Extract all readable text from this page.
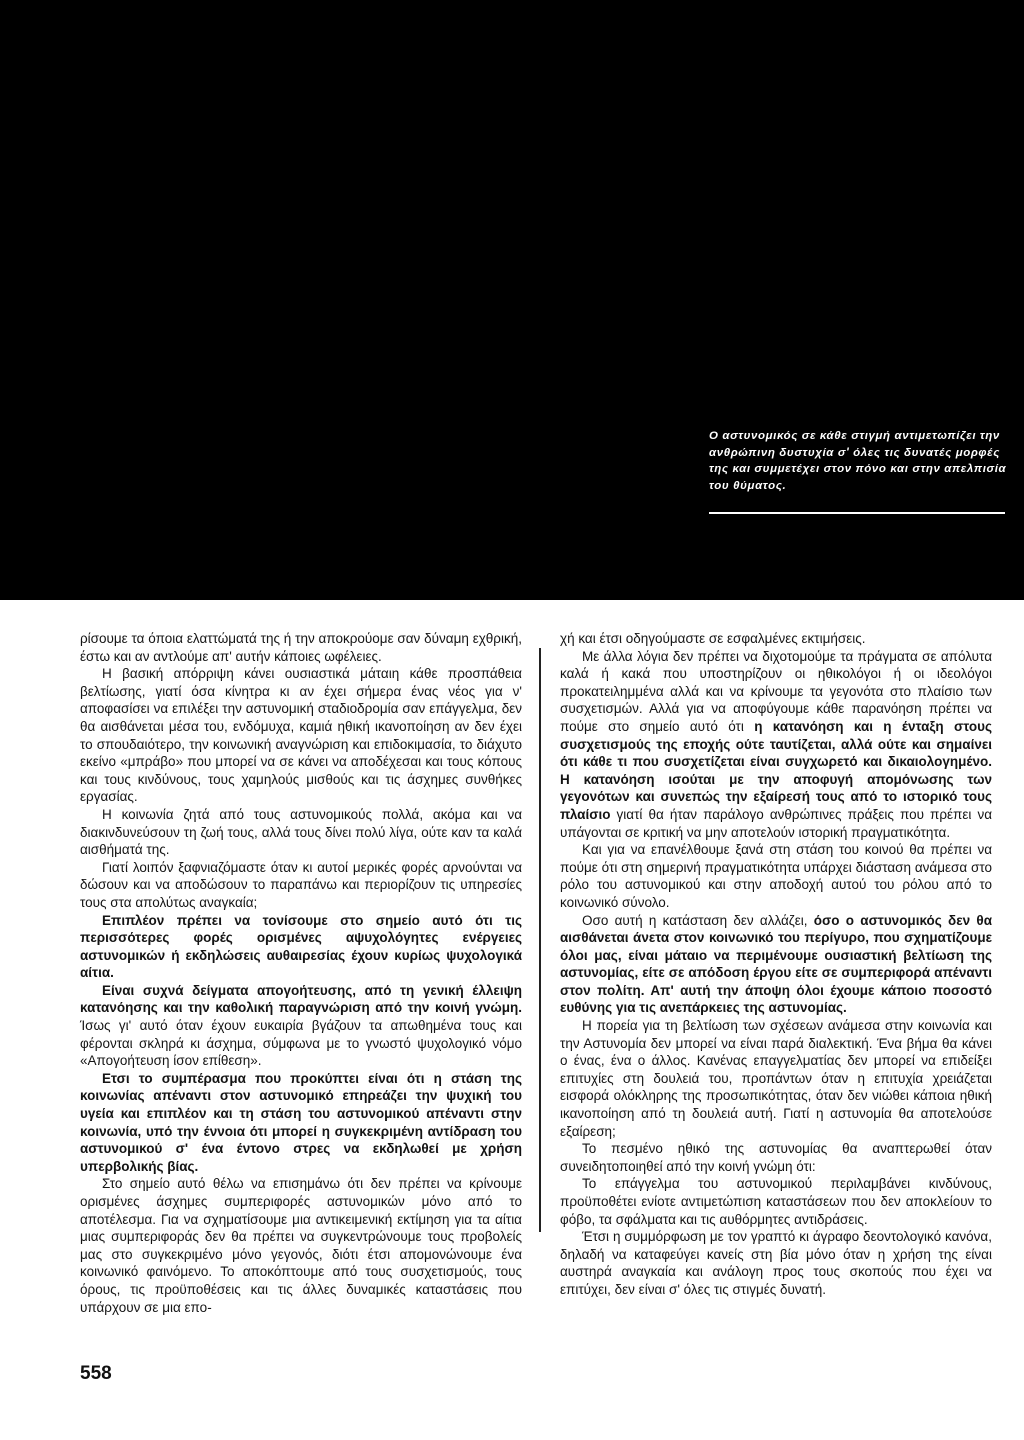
Ο αστυνομικός σε κάθε στιγμή αντιμετωπίζει την ανθρώπινη δυστυχία σ' όλες τις δυνατές μορφές της και συμμετέχει στον πόνο και στην απελπισία του θύματος.

ρίσουμε τα όποια ελαττώματά της ή την αποκρούομε σαν δύναμη εχθρική, έστω και αν αντλούμε απ' αυτήν κάποιες ωφέλειες.

Η βασική απόρριψη κάνει ουσιαστικά μάταιη κάθε προσπάθεια βελτίωσης, γιατί όσα κίνητρα κι αν έχει σήμερα ένας νέος για ν' αποφασίσει να επιλέξει την αστυνομική σταδιοδρομία σαν επάγγελμα, δεν θα αισθάνεται μέσα του, ενδόμυχα, καμιά ηθική ικανοποίηση αν δεν έχει το σπουδαιότερο, την κοινωνική αναγνώριση και επιδοκιμασία, το διάχυτο εκείνο «μπράβο» που μπορεί να σε κάνει να αποδέχεσαι και τους κόπους και τους κινδύνους, τους χαμηλούς μισθούς και τις άσχημες συνθήκες εργασίας.

Η κοινωνία ζητά από τους αστυνομικούς πολλά, ακόμα και να διακινδυνεύσουν τη ζωή τους, αλλά τους δίνει πολύ λίγα, ούτε καν τα καλά αισθήματά της.

Γιατί λοιπόν ξαφνιαζόμαστε όταν κι αυτοί μερικές φορές αρνούνται να δώσουν και να αποδώσουν το παραπάνω και περιορίζουν τις υπηρεσίες τους στα απολύτως αναγκαία;

Επιπλέον πρέπει να τονίσουμε στο σημείο αυτό ότι τις περισσότερες φορές ορισμένες αψυχολόγητες ενέργειες αστυνομικών ή εκδηλώσεις αυθαιρεσίας έχουν κυρίως ψυχολογικά αίτια.

Είναι συχνά δείγματα απογοήτευσης, από τη γενική έλλειψη κατανόησης και την καθολική παραγνώριση από την κοινή γνώμη. Ίσως γι' αυτό όταν έχουν ευκαιρία βγάζουν τα απωθημένα τους και φέρονται σκληρά κι άσχημα, σύμφωνα με το γνωστό ψυχολογικό νόμο «Απογοήτευση ίσον επίθεση».

Ετσι το συμπέρασμα που προκύπτει είναι ότι η στάση της κοινωνίας απέναντι στον αστυνομικό επηρεάζει την ψυχική του υγεία και επιπλέον και τη στάση του αστυνομικού απέναντι στην κοινωνία, υπό την έννοια ότι μπορεί η συγκεκριμένη αντίδραση του αστυνομικού σ' ένα έντονο στρες να εκδηλωθεί με χρήση υπερβολικής βίας.

Στο σημείο αυτό θέλω να επισημάνω ότι δεν πρέπει να κρίνουμε ορισμένες άσχημες συμπεριφορές αστυνομικών μόνο από το αποτέλεσμα. Για να σχηματίσουμε μια αντικειμενική εκτίμηση για τα αίτια μιας συμπεριφοράς δεν θα πρέπει να συγκεντρώνουμε τους προβολείς μας στο συγκεκριμένο μόνο γεγονός, διότι έτσι απομονώνουμε ένα κοινωνικό φαινόμενο. Το αποκόπτουμε από τους συσχετισμούς, τους όρους, τις προϋποθέσεις και τις άλλες δυναμικές καταστάσεις που υπάρχουν σε μια επο-

χή και έτσι οδηγούμαστε σε εσφαλμένες εκτιμήσεις.

Με άλλα λόγια δεν πρέπει να διχοτομούμε τα πράγματα σε απόλυτα καλά ή κακά που υποστηρίζουν οι ηθικολόγοι ή οι ιδεολόγοι προκατειλημμένα αλλά και να κρίνουμε τα γεγονότα στο πλαίσιο των συσχετισμών. Αλλά για να αποφύγουμε κάθε παρανόηση πρέπει να πούμε στο σημείο αυτό ότι η κατανόηση και η ένταξη στους συσχετισμούς της εποχής ούτε ταυτίζεται, αλλά ούτε και σημαίνει ότι κάθε τι που συσχετίζεται είναι συγχωρετό και δικαιολογημένο. Η κατανόηση ισούται με την αποφυγή απομόνωσης των γεγονότων και συνεπώς την εξαίρεσή τους από το ιστορικό τους πλαίσιο γιατί θα ήταν παράλογο ανθρώπινες πράξεις που πρέπει να υπάγονται σε κριτική να μην αποτελούν ιστορική πραγματικότητα.

Και για να επανέλθουμε ξανά στη στάση του κοινού θα πρέπει να πούμε ότι στη σημερινή πραγματικότητα υπάρχει διάσταση ανάμεσα στο ρόλο του αστυνομικού και στην αποδοχή αυτού του ρόλου από το κοινωνικό σύνολο.

Οσο αυτή η κατάσταση δεν αλλάζει, όσο ο αστυνομικός δεν θα αισθάνεται άνετα στον κοινωνικό του περίγυρο, που σχηματίζουμε όλοι μας, είναι μάταιο να περιμένουμε ουσιαστική βελτίωση της αστυνομίας, είτε σε απόδοση έργου είτε σε συμπεριφορά απέναντι στον πολίτη. Απ' αυτή την άποψη όλοι έχουμε κάποιο ποσοστό ευθύνης για τις ανεπάρκειες της αστυνομίας.

Η πορεία για τη βελτίωση των σχέσεων ανάμεσα στην κοινωνία και την Αστυνομία δεν μπορεί να είναι παρά διαλεκτική. Ένα βήμα θα κάνει ο ένας, ένα ο άλλος. Κανένας επαγγελματίας δεν μπορεί να επιδείξει επιτυχίες στη δουλειά του, προπάντων όταν η επιτυχία χρειάζεται εισφορά ολόκληρης της προσωπικότητας, όταν δεν νιώθει κάποια ηθική ικανοποίηση από τη δουλειά αυτή. Γιατί η αστυνομία θα αποτελούσε εξαίρεση;

Το πεσμένο ηθικό της αστυνομίας θα αναπτερωθεί όταν συνειδητοποιηθεί από την κοινή γνώμη ότι:

Το επάγγελμα του αστυνομικού περιλαμβάνει κινδύνους, προϋποθέτει ενίοτε αντιμετώπιση καταστάσεων που δεν αποκλείουν το φόβο, τα σφάλματα και τις αυθόρμητες αντιδράσεις.

Έτσι η συμμόρφωση με τον γραπτό κι άγραφο δεοντολογικό κανόνα, δηλαδή να καταφεύγει κανείς στη βία μόνο όταν η χρήση της είναι αυστηρά αναγκαία και ανάλογη προς τους σκοπούς που έχει να επιτύχει, δεν είναι σ' όλες τις στιγμές δυνατή.

558
